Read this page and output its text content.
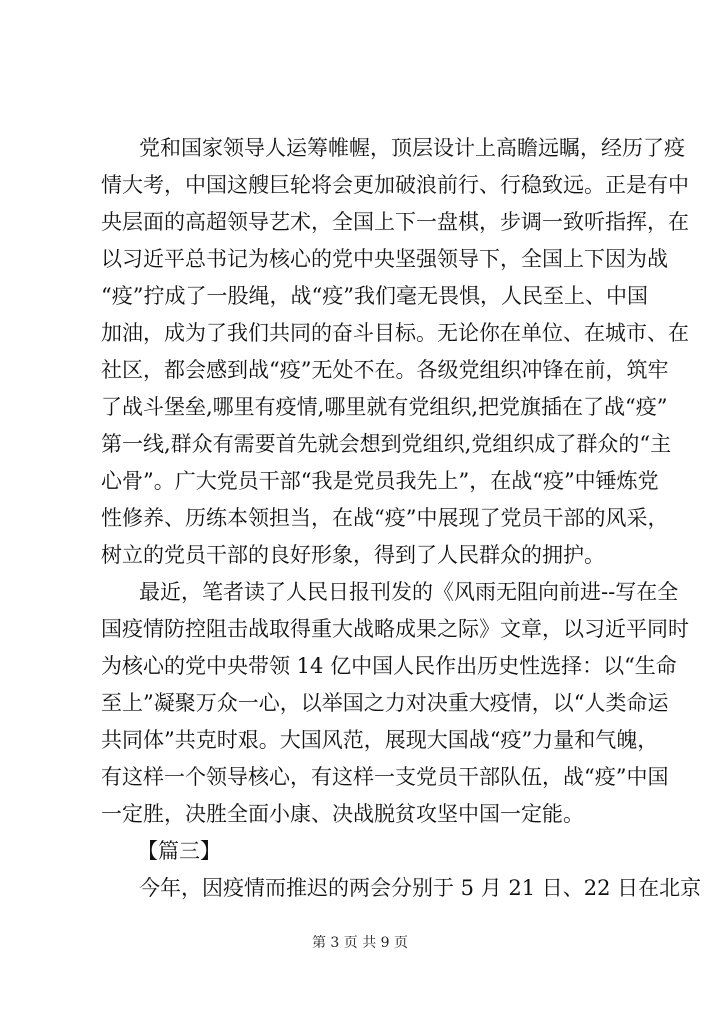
党和国家领导人运筹帷幄，顶层设计上高瞻远瞩，经历了疫
情大考，中国这艘巨轮将会更加破浪前行、行稳致远。正是有中
央层面的高超领导艺术，全国上下一盘棋，步调一致听指挥，在
以习近平总书记为核心的党中央坚强领导下，全国上下因为战
“疫”拧成了一股绳，战“疫”我们毫无畏惧，人民至上、中国
加油，成为了我们共同的奋斗目标。无论你在单位、在城市、在
社区，都会感到战“疫”无处不在。各级党组织冲锋在前，筑牢
了战斗堡垒,哪里有疫情,哪里就有党组织,把党旗插在了战“疫”
第一线,群众有需要首先就会想到党组织,党组织成了群众的“主
心骨”。广大党员干部“我是党员我先上”，在战“疫”中锤炼党
性修养、历练本领担当，在战“疫”中展现了党员干部的风采，
树立的党员干部的良好形象，得到了人民群众的拥护。
最近，笔者读了人民日报刊发的《风雨无阻向前进--写在全
国疫情防控阻击战取得重大战略成果之际》文章，以习近平同时
为核心的党中央带领 14 亿中国人民作出历史性选择：以“生命
至上”凝聚万众一心，以举国之力对决重大疫情，以“人类命运
共同体”共克时艰。大国风范，展现大国战“疫”力量和气魄，
有这样一个领导核心，有这样一支党员干部队伍，战“疫”中国
一定胜，决胜全面小康、决战脱贫攻坚中国一定能。
【篇三】
今年，因疫情而推迟的两会分别于 5 月 21 日、22 日在北京
第 3 页 共 9 页
